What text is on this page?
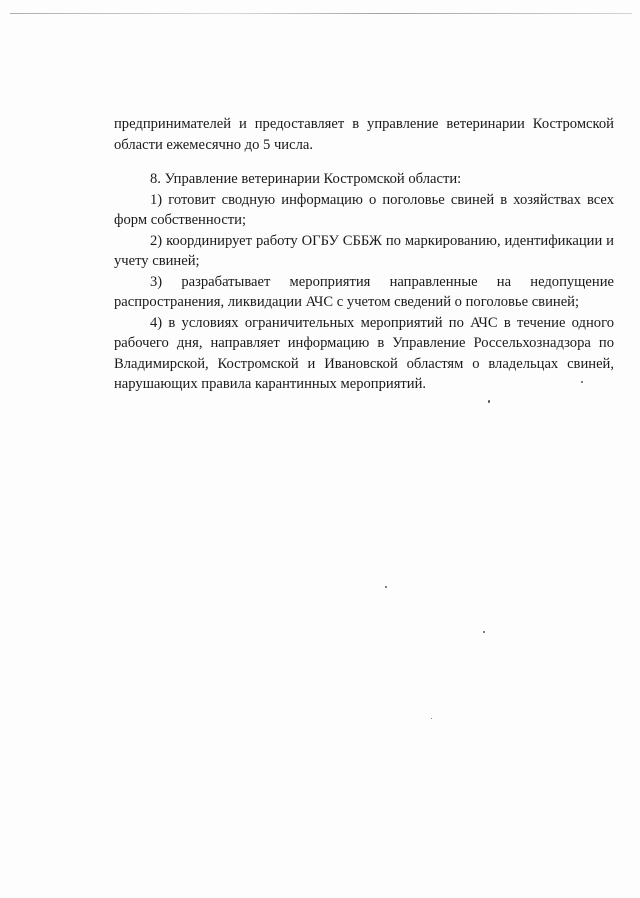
предпринимателей и предоставляет в управление ветеринарии Костромской области ежемесячно до 5 числа.

8. Управление ветеринарии Костромской области:

1) готовит сводную информацию о поголовье свиней в хозяйствах всех форм собственности;

2) координирует работу ОГБУ СББЖ по маркированию, идентификации и учету свиней;

3) разрабатывает мероприятия направленные на недопущение распространения, ликвидации АЧС с учетом сведений о поголовье свиней;

4) в условиях ограничительных мероприятий по АЧС в течение одного рабочего дня, направляет информацию в Управление Россельхознадзора по Владимирской, Костромской и Ивановской областям о владельцах свиней, нарушающих правила карантинных мероприятий.
